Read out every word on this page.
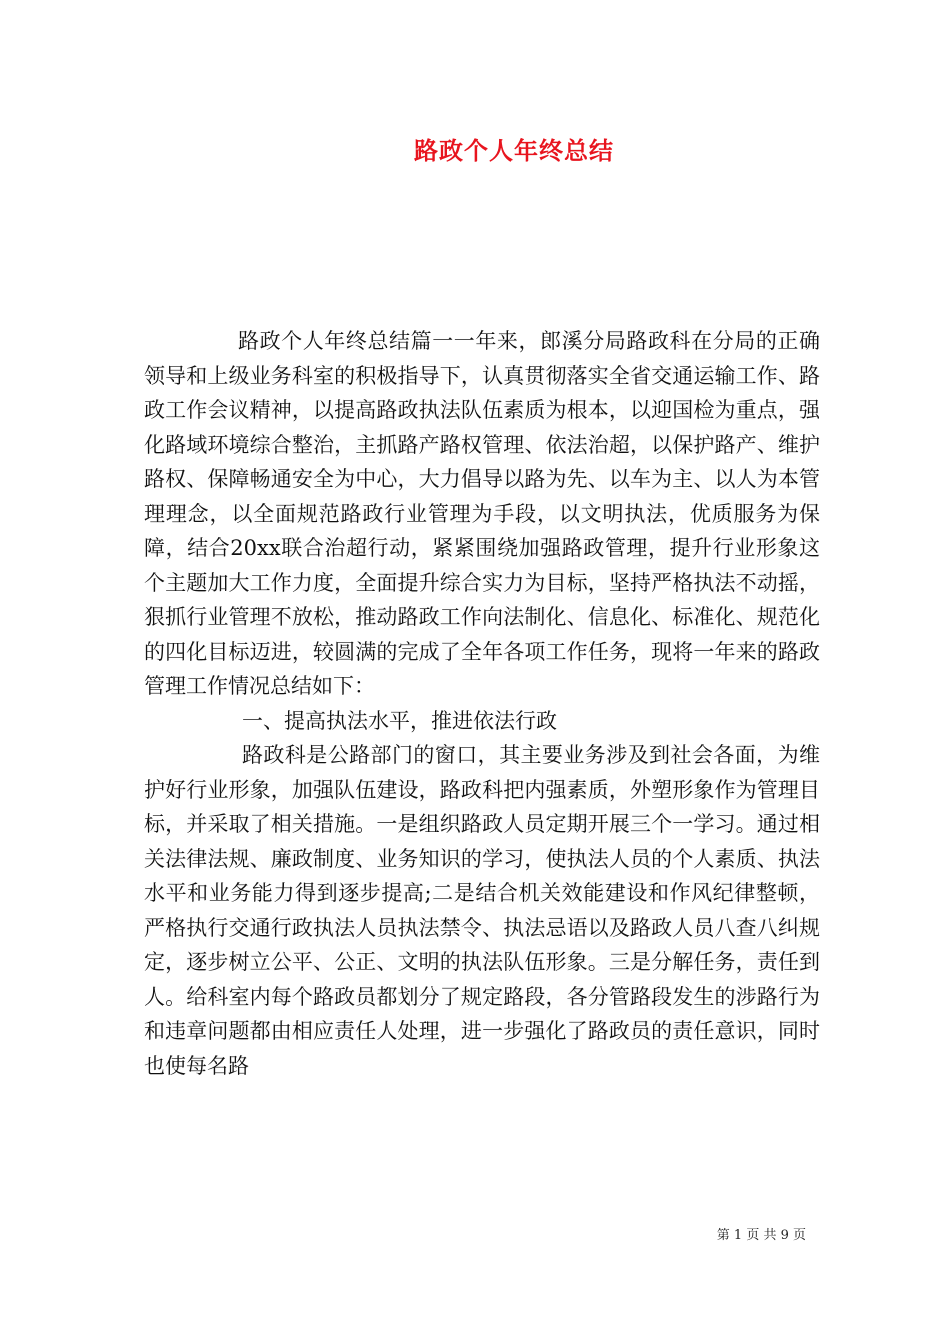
路政个人年终总结

路政个人年终总结篇一一年来，郎溪分局路政科在分局的正确领导和上级业务科室的积极指导下，认真贯彻落实全省交通运输工作、路政工作会议精神，以提高路政执法队伍素质为根本，以迎国检为重点，强化路域环境综合整治，主抓路产路权管理、依法治超，以保护路产、维护路权、保障畅通安全为中心，大力倡导以路为先、以车为主、以人为本管理理念，以全面规范路政行业管理为手段，以文明执法，优质服务为保障，结合20xx联合治超行动，紧紧围绕加强路政管理，提升行业形象这个主题加大工作力度，全面提升综合实力为目标，坚持严格执法不动摇，狠抓行业管理不放松，推动路政工作向法制化、信息化、标准化、规范化的四化目标迈进，较圆满的完成了全年各项工作任务，现将一年来的路政管理工作情况总结如下：

一、提高执法水平，推进依法行政

路政科是公路部门的窗口，其主要业务涉及到社会各面，为维护好行业形象，加强队伍建设，路政科把内强素质，外塑形象作为管理目标，并采取了相关措施。一是组织路政人员定期开展三个一学习。通过相关法律法规、廉政制度、业务知识的学习，使执法人员的个人素质、执法水平和业务能力得到逐步提高;二是结合机关效能建设和作风纪律整顿，严格执行交通行政执法人员执法禁令、执法忌语以及路政人员八查八纠规定，逐步树立公平、公正、文明的执法队伍形象。三是分解任务，责任到人。给科室内每个路政员都划分了规定路段，各分管路段发生的涉路行为和违章问题都由相应责任人处理，进一步强化了路政员的责任意识，同时也使每名路

第 1 页 共 9 页
